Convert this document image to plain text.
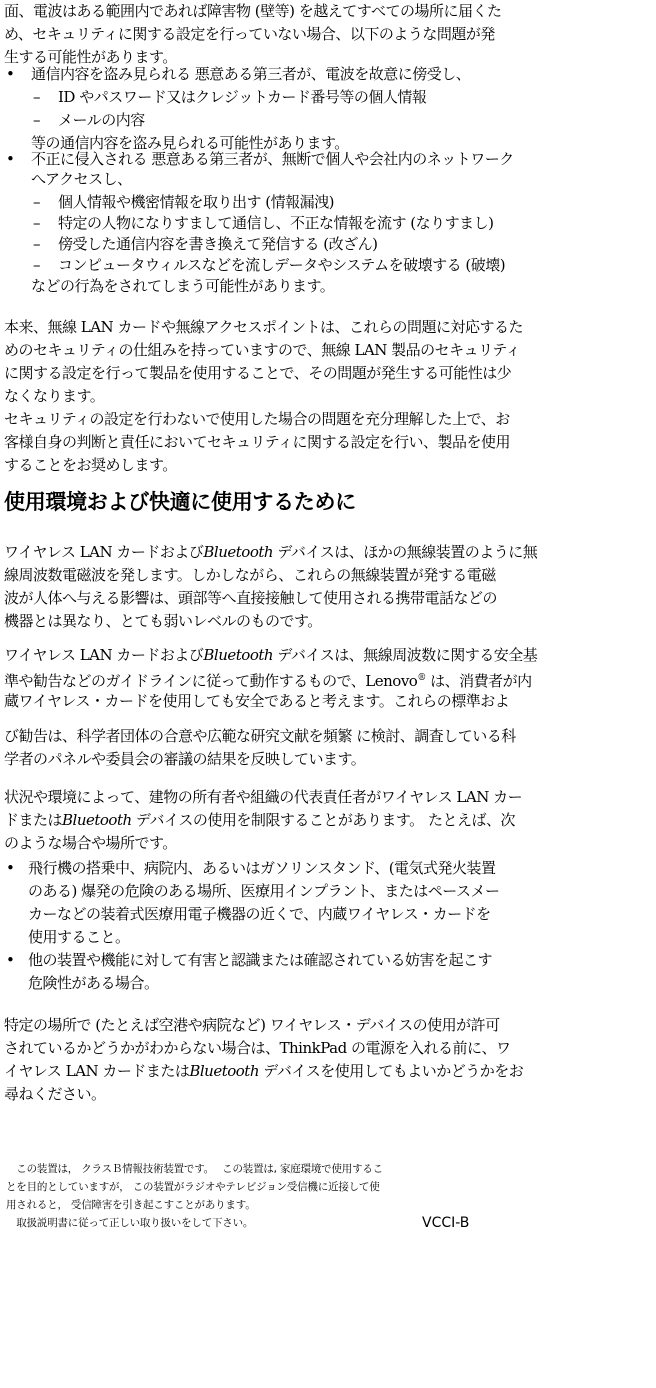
面、電波はある範囲内であれば障害物 (壁等) を越えてすべての場所に届くた
め、セキュリティに関する設定を行っていない場合、以下のような問題が発
生する可能性があります。
• 通信内容を盗み見られる 悪意ある第三者が、電波を故意に傍受し、
– ID やパスワード又はクレジットカード番号等の個人情報
– メールの内容
等の通信内容を盗み見られる可能性があります。
• 不正に侵入される 悪意ある第三者が、無断で個人や会社内のネットワーク
へアクセスし、
– 個人情報や機密情報を取り出す (情報漏洩)
– 特定の人物になりすまして通信し、不正な情報を流す (なりすまし)
– 傍受した通信内容を書き換えて発信する (改ざん)
– コンピュータウィルスなどを流しデータやシステムを破壊する (破壊)
などの行為をされてしまう可能性があります。
本来、無線 LAN カードや無線アクセスポイントは、これらの問題に対応するた
めのセキュリティの仕組みを持っていますので、無線 LAN 製品のセキュリティ
に関する設定を行って製品を使用することで、その問題が発生する可能性は少
なくなります。
セキュリティの設定を行わないで使用した場合の問題を充分理解した上で、お
客様自身の判断と責任においてセキュリティに関する設定を行い、製品を使用
することをお奨めします。
使用環境および快適に使用するために
ワイヤレス LAN カードおよびBluetooth デバイスは、ほかの無線装置のように無
線周波数電磁波を発します。しかしながら、これらの無線装置が発する電磁
波が人体へ与える影響は、頭部等へ直接接触して使用される携帯電話などの
機器とは異なり、とても弱いレベルのものです。
ワイヤレス LAN カードおよびBluetooth デバイスは、無線周波数に関する安全基
準や勧告などのガイドラインに従って動作するもので、Lenovo® は、消費者が内
蔵ワイヤレス・カードを使用しても安全であると考えます。これらの標準およ
び勧告は、科学者団体の合意や広範な研究文献を頻繁 に検討、調査している科
学者のパネルや委員会の審議の結果を反映しています。
状況や環境によって、建物の所有者や組織の代表責任者がワイヤレス LAN カー
ドまたはBluetooth デバイスの使用を制限することがあります。 たとえば、次
のような場合や場所です。
• 飛行機の搭乗中、病院内、あるいはガソリンスタンド、(電気式発火装置
のある) 爆発の危険のある場所、医療用インプラント、またはペースメー
カーなどの装着式医療用電子機器の近くで、内蔵ワイヤレス・カードを
使用すること。
• 他の装置や機能に対して有害と認識または確認されている妨害を起こす
危険性がある場合。
特定の場所で (たとえば空港や病院など) ワイヤレス・デバイスの使用が許可
されているかどうかがわからない場合は、ThinkPad の電源を入れる前に、ワ
イヤレス LAN カードまたはBluetooth デバイスを使用してもよいかどうかをお
尋ねください。
　この装置は， クラスＢ情報技術装置です。　 この装置は, 家庭環境で使用するこ
とを目的としていますが， この装置がラジオやテレビジョン受信機に近接して使
用されると， 受信障害を引き起こすことがあります。
　取扱説明書に従って正しい取り扱いをして下さい。	VCCI-B
